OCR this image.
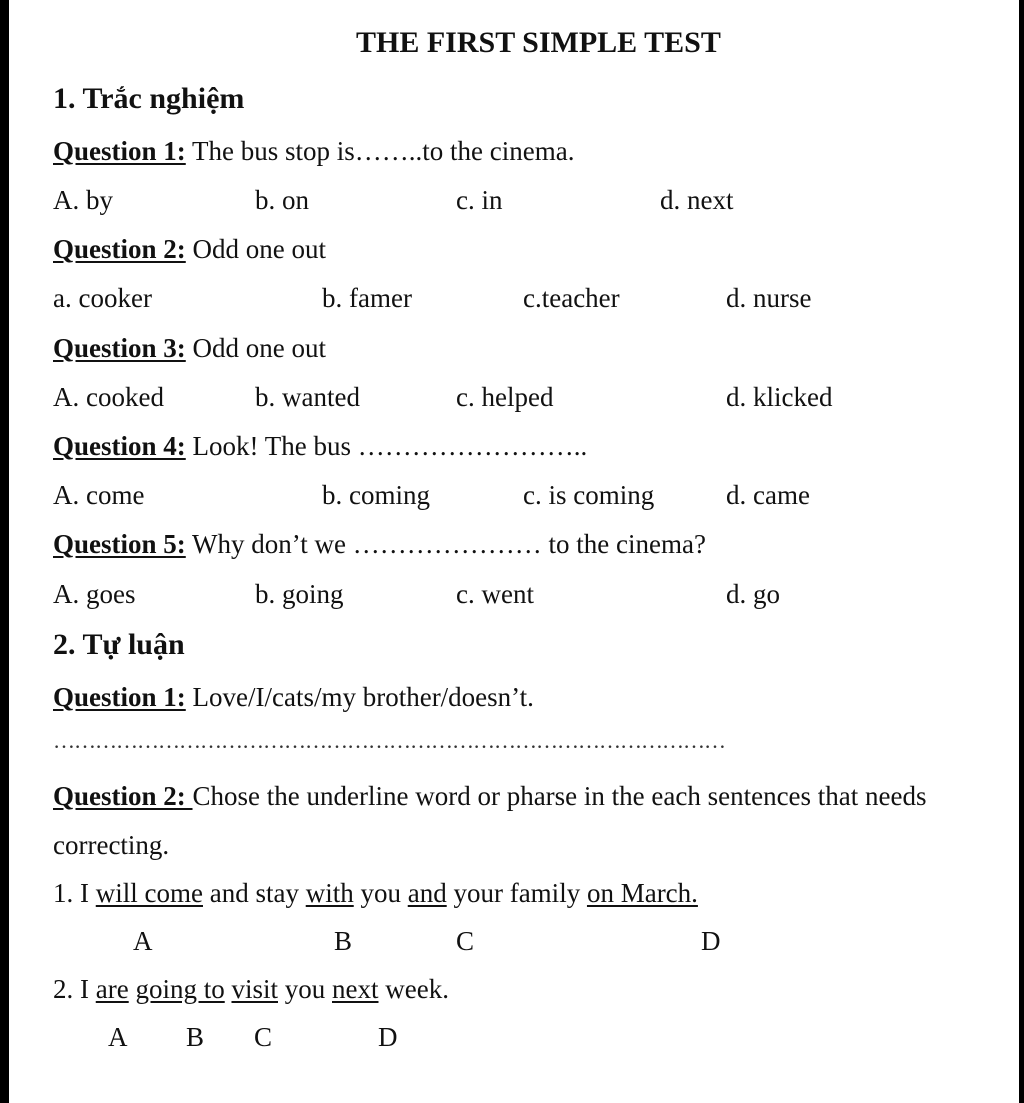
THE FIRST SIMPLE TEST
1. Trắc nghiệm
Question 1: The bus stop is……..to the cinema.
A. by	b. on	c. in	d. next
Question 2: Odd one out
a. cooker	b. famer	c.teacher	d. nurse
Question 3: Odd one out
A. cooked	b. wanted	c. helped	d. klicked
Question 4: Look! The bus ……………………..
A. come	b. coming	c. is coming	d. came
Question 5: Why don’t we ………………… to the cinema?
A. goes	b. going	c. went	d. go
2. Tự luận
Question 1: Love/I/cats/my brother/doesn’t.
……………………………………………………………………………………
Question 2: Chose the underline word or pharse in the each sentences that needs
correcting.
1. I will come and stay with you and your family on March.
A	B	C	D
2. I are going to visit you next week.
A B C	D
